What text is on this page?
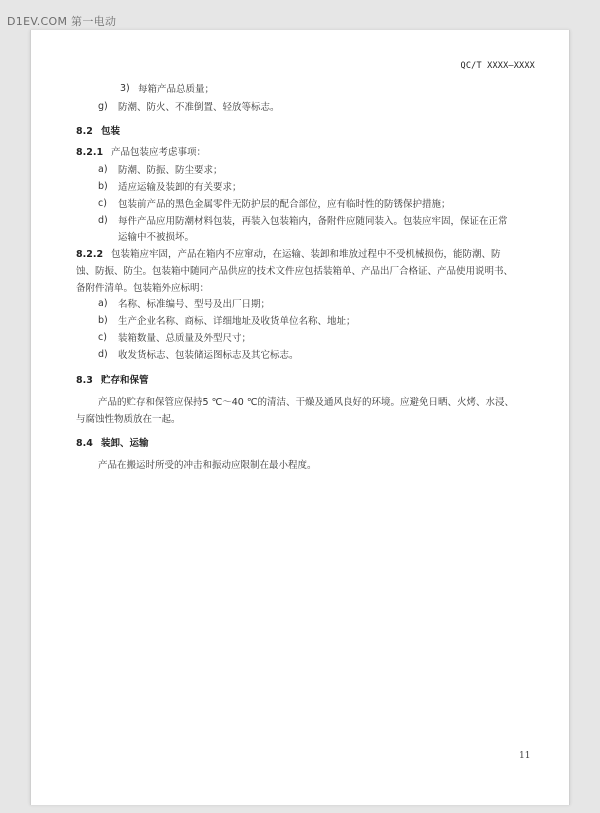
D1EV.COM 第一电动
QC/T XXXX—XXXX
3) 每箱产品总质量；
g) 防潮、防火、不准倒置、轻放等标志。
8.2 包装
8.2.1 产品包装应考虑事项：
a) 防潮、防振、防尘要求；
b) 适应运输及装卸的有关要求；
c) 包装前产品的黑色金属零件无防护层的配合部位，应有临时性的防锈保护措施；
d) 每件产品应用防潮材料包装，再装入包装箱内，备附件应随同装入。包装应牢固，保证在正常
运输中不被损坏。
8.2.2 包装箱应牢固，产品在箱内不应窜动，在运输、装卸和堆放过程中不受机械损伤，能防潮、防
蚀、防振、防尘。包装箱中随同产品供应的技术文件应包括装箱单、产品出厂合格证、产品使用说明书、
备附件清单。包装箱外应标明：
a) 名称、标准编号、型号及出厂日期；
b) 生产企业名称、商标、详细地址及收货单位名称、地址；
c) 装箱数量、总质量及外型尺寸；
d) 收发货标志、包装储运图标志及其它标志。
8.3 贮存和保管
产品的贮存和保管应保持5 ℃～40 ℃的清洁、干燥及通风良好的环境。应避免日晒、火烤、水浸、
与腐蚀性物质放在一起。
8.4 装卸、运输
产品在搬运时所受的冲击和振动应限制在最小程度。
11
